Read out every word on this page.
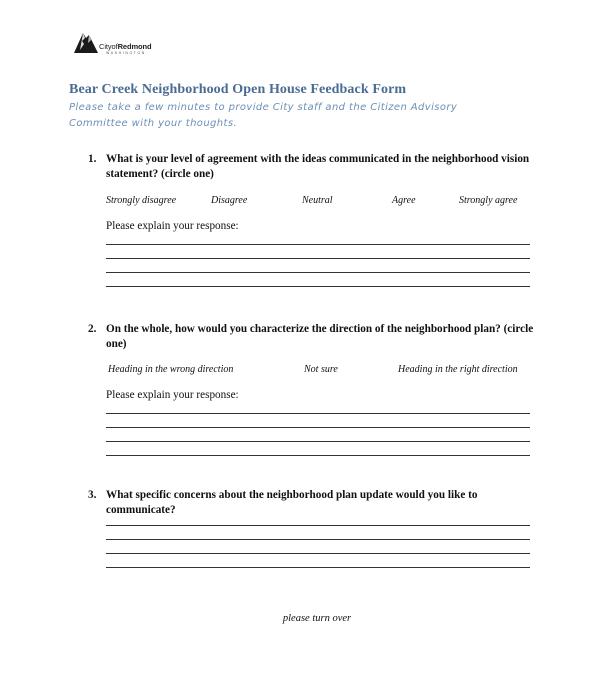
CityofRedmond
WASHINGTON
Bear Creek Neighborhood Open House Feedback Form
Please take a few minutes to provide City staff and the Citizen Advisory Committee with your thoughts.
1. What is your level of agreement with the ideas communicated in the neighborhood vision statement? (circle one)
Strongly disagree	Disagree	Neutral	Agree	Strongly agree
Please explain your response:
2. On the whole, how would you characterize the direction of the neighborhood plan? (circle one)
Heading in the wrong direction	Not sure	Heading in the right direction
Please explain your response:
3. What specific concerns about the neighborhood plan update would you like to communicate?
please turn over
